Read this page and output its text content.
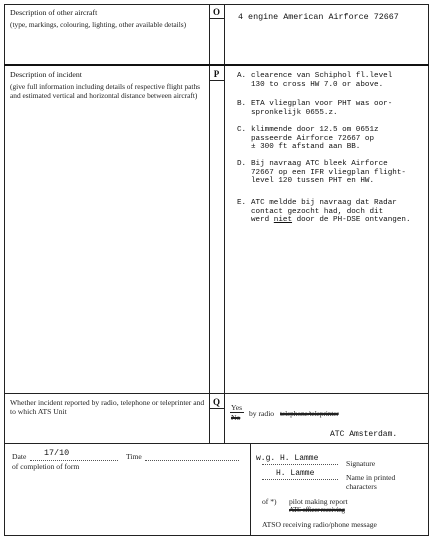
O
Description of other aircraft
(type, markings, colouring, lighting, other available details)
4 engine American Airforce 72667
P
Description of incident
(give full information including details of respective flight paths and estimated vertical and horizontal distance between aircraft)
A. clearence van Schiphol fl.level
130 to cross HW 7.0 or above.
B. ETA vliegplan voor PHT was oor-
spronkelijk 0655.z.
C. klimmende door 12.5 om 0651z
passeerde Airforce 72667 op
± 300 ft afstand aan BB.
D. Bij navraag ATC bleek Airforce
72667 op een IFR vliegplan flight-
level 120 tussen PHT en HW.
E. ATC meldde bij navraag dat Radar
contact gezocht had, doch dit
werd niet door de PH-DSE ontvangen.
Q
Whether incident reported by radio, telephone or teleprinter and to which ATS Unit	Yes
No by radio telephone/teleprinter
ATC Amsterdam.
Date 17/10	Time
of completion of form
w.g. H. Lamme
Signature
H. Lamme	Name in printed characters
of *) pilot making report
ATS officer receiving
ATSO receiving radio/phone message
